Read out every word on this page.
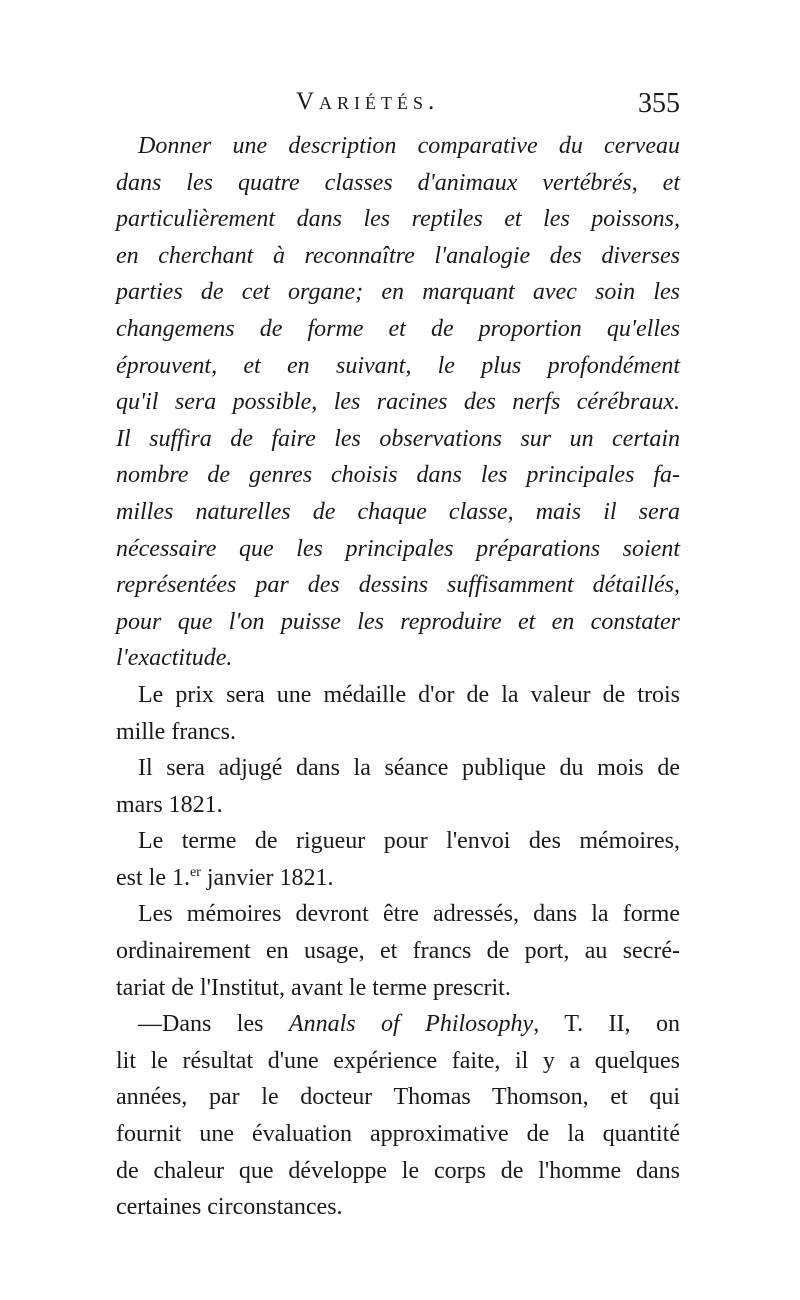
Variétés.	355
Donner une description comparative du cerveau
dans les quatre classes d'animaux vertébrés, et
particulièrement dans les reptiles et les poissons,
en cherchant à reconnaître l'analogie des diverses
parties de cet organe; en marquant avec soin les
changemens de forme et de proportion qu'elles
éprouvent, et en suivant, le plus profondément
qu'il sera possible, les racines des nerfs cérébraux.
Il suffira de faire les observations sur un certain
nombre de genres choisis dans les principales fa-
milles naturelles de chaque classe, mais il sera
nécessaire que les principales préparations soient
représentées par des dessins suffisamment détaillés,
pour que l'on puisse les reproduire et en constater
l'exactitude.
Le prix sera une médaille d'or de la valeur de trois
mille francs.
Il sera adjugé dans la séance publique du mois de
mars 1821.
Le terme de rigueur pour l'envoi des mémoires,
est le 1.$^{er}$ janvier 1821.
Les mémoires devront être adressés, dans la forme
ordinairement en usage, et francs de port, au secré-
tariat de l'Institut, avant le terme prescrit.
—Dans les Annals of Philosophy, T. II, on
lit le résultat d'une expérience faite, il y a quelques
années, par le docteur Thomas Thomson, et qui
fournit une évaluation approximative de la quantité
de chaleur que développe le corps de l'homme dans
certaines circonstances.
